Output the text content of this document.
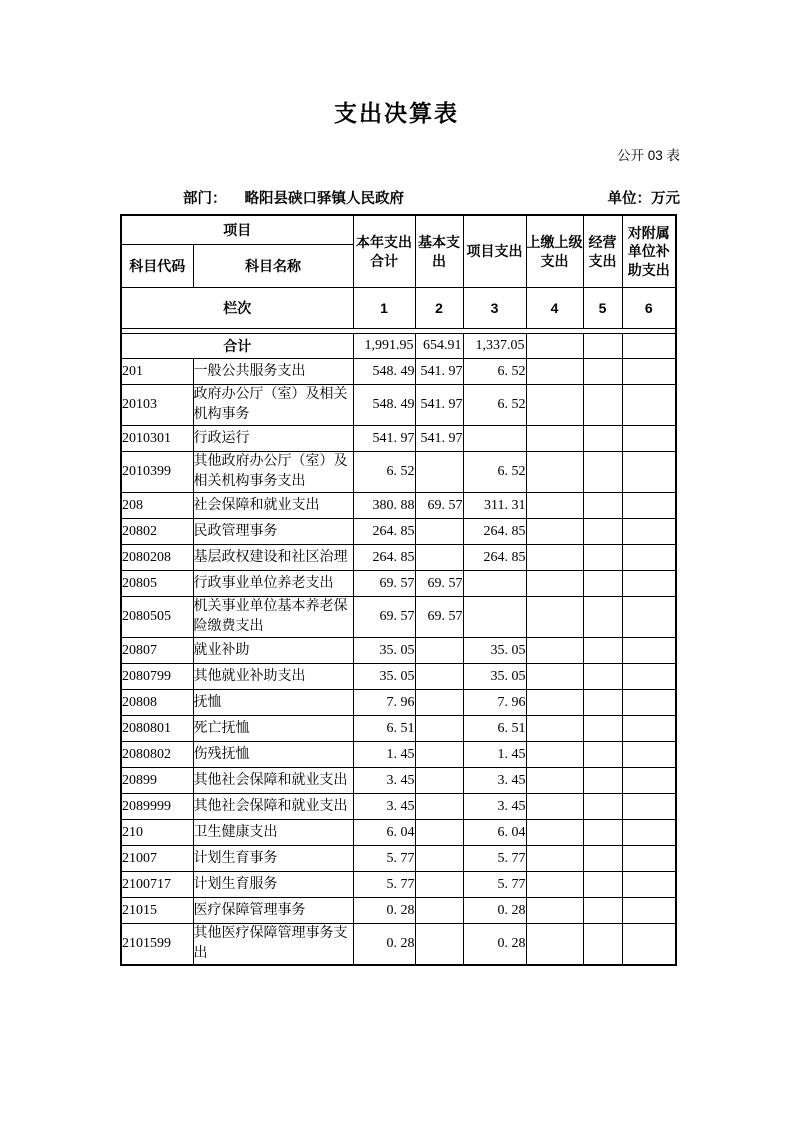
支出决算表
公开 03 表
部门： 略阳县硖口驿镇人民政府	单位：万元
项目		本年支出合计	基本支出	项目支出	上缴上级支出	经营支出	对附属单位补助支出
科目代码	科目名称						
栏次		1	2	3	4	5	6

合计		1,991.95	654.91	1,337.05			
201	一般公共服务支出	548. 49	541. 97	6. 52			
20103	政府办公厅（室）及相关机构事务	548. 49	541. 97	6. 52			
2010301	行政运行	541. 97	541. 97				
2010399	其他政府办公厅（室）及相关机构事务支出	6. 52		6. 52			
208	社会保障和就业支出	380. 88	69. 57	311. 31			
20802	民政管理事务	264. 85		264. 85			
2080208	基层政权建设和社区治理	264. 85		264. 85			
20805	行政事业单位养老支出	69. 57	69. 57				
2080505	机关事业单位基本养老保险缴费支出	69. 57	69. 57				
20807	就业补助	35. 05		35. 05			
2080799	其他就业补助支出	35. 05		35. 05			
20808	抚恤	7. 96		7. 96			
2080801	死亡抚恤	6. 51		6. 51			
2080802	伤残抚恤	1. 45		1. 45			
20899	其他社会保障和就业支出	3. 45		3. 45			
2089999	其他社会保障和就业支出	3. 45		3. 45			
210	卫生健康支出	6. 04		6. 04			
21007	计划生育事务	5. 77		5. 77			
2100717	计划生育服务	5. 77		5. 77			
21015	医疗保障管理事务	0. 28		0. 28			
2101599	其他医疗保障管理事务支出	0. 28		0. 28			
